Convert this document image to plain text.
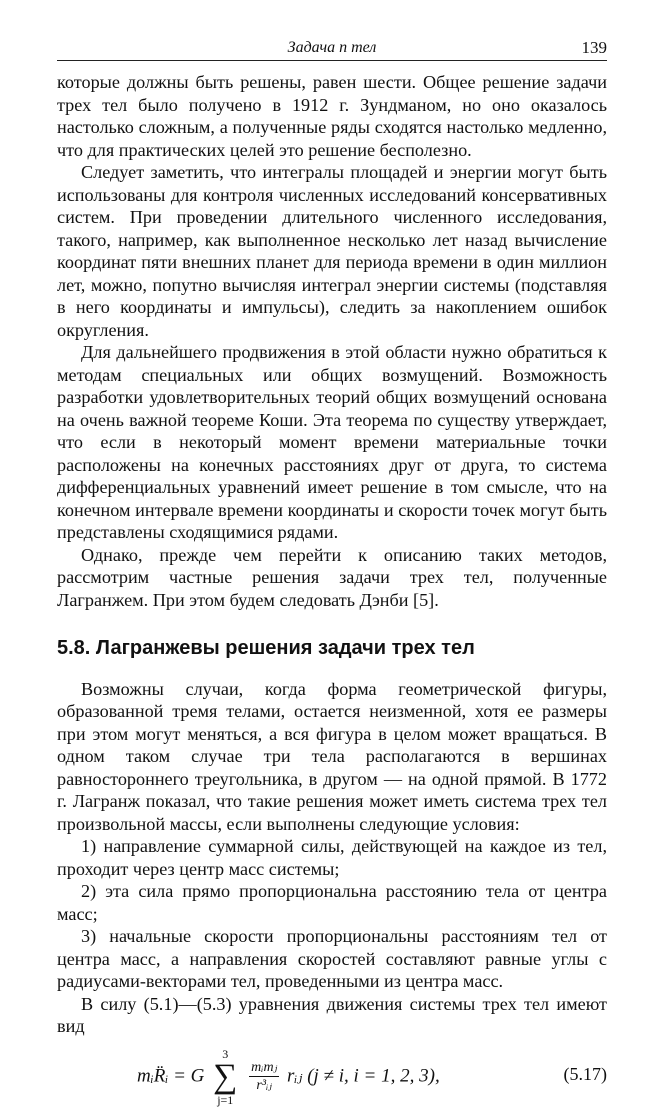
Задача n тел	139

которые должны быть решены, равен шести. Общее решение задачи трех тел было получено в 1912 г. Зундманом, но оно оказалось настолько сложным, а полученные ряды сходятся настолько медленно, что для практических целей это решение бесполезно.

Следует заметить, что интегралы площадей и энергии могут быть использованы для контроля численных исследований консервативных систем. При проведении длительного численного исследования, такого, например, как выполненное несколько лет назад вычисление координат пяти внешних планет для периода времени в один миллион лет, можно, попутно вычисляя интеграл энергии системы (подставляя в него координаты и импульсы), следить за накоплением ошибок округления.

Для дальнейшего продвижения в этой области нужно обратиться к методам специальных или общих возмущений. Возможность разработки удовлетворительных теорий общих возмущений основана на очень важной теореме Коши. Эта теорема по существу утверждает, что если в некоторый момент времени материальные точки расположены на конечных расстояниях друг от друга, то система дифференциальных уравнений имеет решение в том смысле, что на конечном интервале времени координаты и скорости точек могут быть представлены сходящимися рядами.

Однако, прежде чем перейти к описанию таких методов, рассмотрим частные решения задачи трех тел, полученные Лагранжем. При этом будем следовать Дэнби [5].

5.8. Лагранжевы решения задачи трех тел

Возможны случаи, когда форма геометрической фигуры, образованной тремя телами, остается неизменной, хотя ее размеры при этом могут меняться, а вся фигура в целом может вращаться. В одном таком случае три тела располагаются в вершинах равностороннего треугольника, в другом — на одной прямой. В 1772 г. Лагранж показал, что такие решения может иметь система трех тел произвольной массы, если выполнены следующие условия:

1) направление суммарной силы, действующей на каждое из тел, проходит через центр масс системы;

2) эта сила прямо пропорциональна расстоянию тела от центра масс;

3) начальные скорости пропорциональны расстояниям тел от центра масс, а направления скоростей составляют равные углы с радиусами-векторами тел, проведенными из центра масс.

В силу (5.1)—(5.3) уравнения движения системы трех тел имеют вид

mᵢR̈ᵢ = G
3
∑
j=1

$\frac{\text{mᵢmⱼ}}{\text{r³ᵢⱼ}}$ rᵢⱼ (j ≠ i, i = 1, 2, 3),	(5.17)
